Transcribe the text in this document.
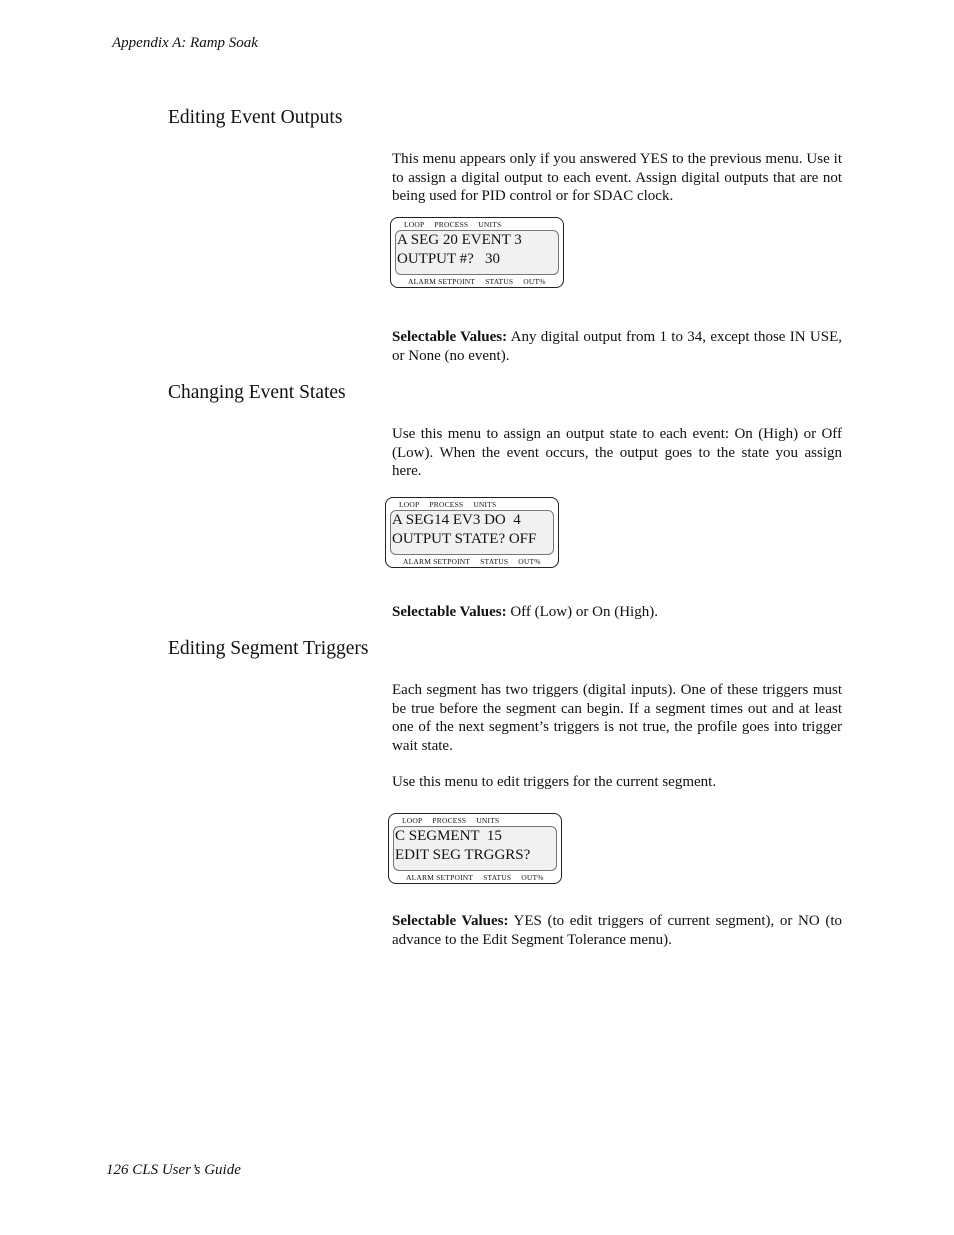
Appendix A: Ramp Soak
Editing Event Outputs

This menu appears only if you answered YES to the previous menu. Use it to assign a digital output to each event. Assign digital outputs that are not being used for PID control or for SDAC clock.

LOOP PROCESS UNITS
A SEG 20 EVENT 3
OUTPUT #?   30
ALARM SETPOINT STATUS OUT%

Selectable Values: Any digital output from 1 to 34, except those IN USE, or None (no event).

Changing Event States

Use this menu to assign an output state to each event: On (High) or Off (Low). When the event occurs, the output goes to the state you assign here.

LOOP PROCESS UNITS
A SEG14 EV3 DO  4
OUTPUT STATE? OFF
ALARM SETPOINT STATUS OUT%

Selectable Values: Off (Low) or On (High).

Editing Segment Triggers

Each segment has two triggers (digital inputs). One of these triggers must be true before the segment can begin. If a segment times out and at least one of the next segment’s triggers is not true, the profile goes into trigger wait state.

Use this menu to edit triggers for the current segment.

LOOP PROCESS UNITS
C SEGMENT  15
EDIT SEG TRGGRS?
ALARM SETPOINT STATUS OUT%

Selectable Values: YES (to edit triggers of current segment), or NO (to advance to the Edit Segment Tolerance menu).

126 CLS User’s Guide
